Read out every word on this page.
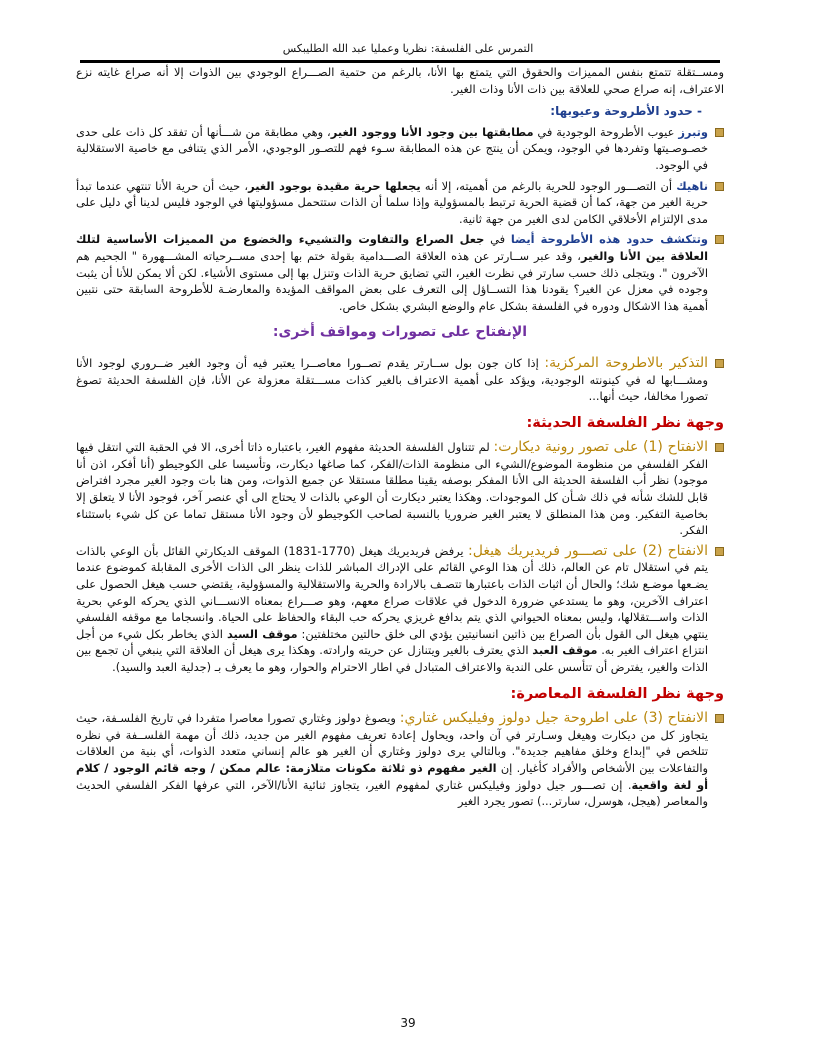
التمرس على الفلسفة: نظريا وعمليا عبد الله الطليبكس

ومســتقلة تتمتع بنفس المميزات والحقوق التي يتمتع بها الأنا، بالرغم من حتمية الصـــراع الوجودي بين الذوات إلا أنه صراع غايته نزع الاعتراف، إنه صراع صحي للعلاقة بين ذات الأنا وذات الغير.

- حدود الأطروحة وعيوبها:

وتبرز عيوب الأطروحة الوجودية في مطابقتها بين وجود الأنا ووجود الغير، وهي مطابقة من شـــأنها أن تفقد كل ذات على حدى خصـوصـيتها وتفردها في الوجود، ويمكن أن ينتج عن هذه المطابقة سـوء فهم للتصـور الوجودي، الأمر الذي يتنافى مع خاصية الاستقلالية في الوجود.

ناهيك أن التصـــور الوجود للحرية بالرغم من أهميته، إلا أنه يجعلها حرية مقيدة بوجود الغير، حيث أن حرية الأنا تنتهي عندما تبدأ حرية الغير من جهة، كما أن قضية الحرية ترتبط بالمسؤولية وإذا سلما أن الذات ستتحمل مسؤوليتها في الوجود فليس لدينا أي دليل على مدى الإلتزام الأخلاقي الكامن لدى الغير من جهة ثانية.

وتتكشف حدود هذه الأطروحة أيضا في جعل الصراع والتفاوت والتشييء والخضوع من المميزات الأساسية لتلك العلاقة بين الأنا والغير، وقد عبر ســارتر عن هذه العلاقة الصـــدامية بقولة ختم بها إحدى مســرحياته المشـــهورة " الجحيم هم الآخرون ". ويتجلى ذلك حسب سارتر في نظرت الغير، التي تضايق حرية الذات وتنزل بها إلى مستوى الأشياء. لكن ألا يمكن للأنا أن يثبت وجوده في معزل عن الغير؟ يقودنا هذا التســاؤل إلى التعرف على بعض المواقف المؤيدة والمعارضـة للأطروحة السابقة حتى نتبين أهمية هذا الاشكال ودوره في الفلسفة بشكل عام والوضع البشري بشكل خاص.

الإنفتاح على تصورات ومواقف أخرى:

التذكير بالاطروحة المركزية: إذا كان جون بول ســارتر يقدم تصــورا معاصــرا يعتبر فيه أن وجود الغير ضــروري لوجود الأنا ومشـــابها له في كينونته الوجودية، ويؤكد على أهمية الاعتراف بالغير كذات مســـتقلة معزولة عن الأنا، فإن الفلسفة الحديثة تصوغ تصورا مخالفا، حيث أنها...

وجهة نظر الفلسفة الحديثة:

الانفتاح (1) على تصور رونية ديكارت: لم تتناول الفلسفة الحديثة مفهوم الغير، باعتباره ذاتا أخرى، الا في الحقبة التي انتقل فيها الفكر الفلسفي من منظومة الموضوع/الشيء الى منظومة الذات/الفكر، كما صاغها ديكارت، وتأسيسا على الكوجيطو (أنا أفكر، اذن أنا موجود) نظر أب الفلسفة الحديثة الى الأنا المفكر بوصفه يقينا مطلقا مستقلا عن جميع الذوات، ومن هنا بات وجود الغير مجرد افتراض قابل للشك شأنه في ذلك شـأن كل الموجودات. وهكذا يعتبر ديكارت أن الوعي بالذات لا يحتاج الى أي عنصر آخر، فوجود الأنا لا يتعلق إلا بخاصية التفكير. ومن هذا المنطلق لا يعتبر الغير ضروريا بالنسبة لصاحب الكوجيطو لأن وجود الأنا مستقل تماما عن كل شيء باستثناء الفكر.

الانفتاح (2) على تصـــور فريديريك هيغل: يرفض فريديريك هيغل (1770-1831) الموقف الديكارتي القائل بأن الوعي بالذات يتم في استقلال تام عن العالم، ذلك أن هذا الوعي القائم على الإدراك المباشر للذات ينظر الى الذات الأخرى المقابلة كموضوع عندما يضـعها موضـع شك؛ والحال أن اثبات الذات باعتبارها تتصـف بالارادة والحرية والاستقلالية والمسؤولية، يقتضي حسب هيغل الحصول على اعتراف الآخرين، وهو ما يستدعي ضرورة الدخول في علاقات صراع معهم، وهو صـــراع بمعناه الانســـاني الذي يحركه الوعي بحرية الذات واســـتقلالها، وليس بمعناه الحيواني الذي يتم بدافع غريزي يحركه حب البقاء والحفاظ على الحياة. وانسجاما مع موقفه الفلسفي ينتهي هيغل الى القول بأن الصراع بين ذاتين انسانيتين يؤدي الى خلق حالتين مختلفتين: موقف السيد الذي يخاطر بكل شيء من أجل انتزاع اعتراف الغير به. موقف العبد الذي يعترف بالغير ويتنازل عن حريته وارادته. وهكذا يرى هيغل أن العلاقة التي ينبغي أن تجمع بين الذات والغير، يفترض أن تتأسس على الندية والاعتراف المتبادل في اطار الاحترام والحوار، وهو ما يعرف بـ (جدلية العبد والسيد).

وجهة نظر الفلسفة المعاصرة:

الانفتاح (3) على اطروحة جيل دولوز وفيليكس غتاري: ويصوغ دولوز وغتاري تصورا معاصرا متفردا في تاريخ الفلسـفة، حيث يتجاوز كل من ديكارت وهيغل وسـارتر في آن واحد، ويحاول إعادة تعريف مفهوم الغير من جديد، ذلك أن مهمة الفلســفة في نظره تتلخص في "إبداع وخلق مفاهيم جديدة". وبالتالي يرى دولوز وغتاري أن الغير هو عالم إنساني متعدد الذوات، أي بنية من العلاقات والتفاعلات بين الأشخاص والأفراد كأغيار. إن الغير مفهوم ذو ثلاثة مكونات متلازمة: عالم ممكن / وجه قائم الوجود / كلام أو لغة واقعية. إن تصـــور جيل دولوز وفيليكس غتاري لمفهوم الغير، يتجاوز ثنائية الأنا/الآخر، التي عرفها الفكر الفلسفي الحديث والمعاصر (هيجل، هوسرل، سارتر...) تصور يجرد الغير

39
